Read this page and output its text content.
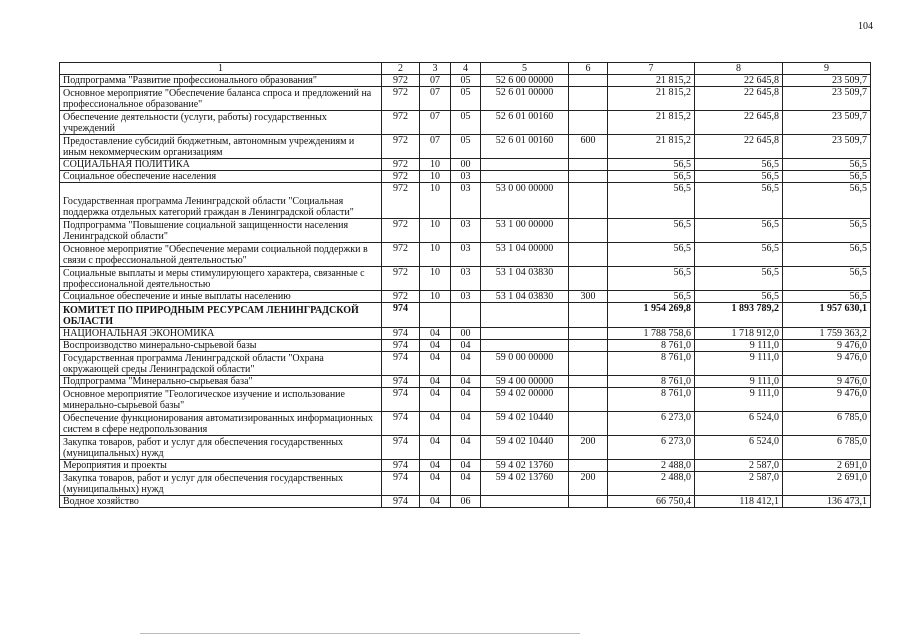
104
1	2	3	4	5	6	7	8	9
Подпрограмма "Развитие профессионального образования"	972	07	05	52 6 00 00000		21 815,2	22 645,8	23 509,7
Основное мероприятие "Обеспечение баланса спроса и предложений на профессиональное образование"	972	07	05	52 6 01 00000		21 815,2	22 645,8	23 509,7
Обеспечение деятельности (услуги, работы) государственных учреждений	972	07	05	52 6 01 00160		21 815,2	22 645,8	23 509,7
Предоставление субсидий бюджетным, автономным учреждениям и иным некоммерческим организациям	972	07	05	52 6 01 00160	600	21 815,2	22 645,8	23 509,7
СОЦИАЛЬНАЯ ПОЛИТИКА	972	10	00			56,5	56,5	56,5
Социальное обеспечение населения	972	10	03			56,5	56,5	56,5
Государственная программа Ленинградской области "Социальная поддержка отдельных категорий граждан в Ленинградской области"	972	10	03	53 0 00 00000		56,5	56,5	56,5
Подпрограмма "Повышение социальной защищенности населения Ленинградской области"	972	10	03	53 1 00 00000		56,5	56,5	56,5
Основное мероприятие "Обеспечение мерами социальной поддержки в связи с профессиональной деятельностью"	972	10	03	53 1 04 00000		56,5	56,5	56,5
Социальные выплаты и меры стимулирующего характера, связанные с профессиональной деятельностью	972	10	03	53 1 04 03830		56,5	56,5	56,5
Социальное обеспечение и иные выплаты населению	972	10	03	53 1 04 03830	300	56,5	56,5	56,5
КОМИТЕТ ПО ПРИРОДНЫМ РЕСУРСАМ ЛЕНИНГРАДСКОЙ ОБЛАСТИ	974					1 954 269,8	1 893 789,2	1 957 630,1
НАЦИОНАЛЬНАЯ ЭКОНОМИКА	974	04	00			1 788 758,6	1 718 912,0	1 759 363,2
Воспроизводство минерально-сырьевой базы	974	04	04			8 761,0	9 111,0	9 476,0
Государственная программа Ленинградской области "Охрана окружающей среды Ленинградской области"	974	04	04	59 0 00 00000		8 761,0	9 111,0	9 476,0
Подпрограмма "Минерально-сырьевая база"	974	04	04	59 4 00 00000		8 761,0	9 111,0	9 476,0
Основное мероприятие "Геологическое изучение и использование минерально-сырьевой базы"	974	04	04	59 4 02 00000		8 761,0	9 111,0	9 476,0
Обеспечение функционирования автоматизированных информационных систем в сфере недропользования	974	04	04	59 4 02 10440		6 273,0	6 524,0	6 785,0
Закупка товаров, работ и услуг для обеспечения государственных (муниципальных) нужд	974	04	04	59 4 02 10440	200	6 273,0	6 524,0	6 785,0
Мероприятия и проекты	974	04	04	59 4 02 13760		2 488,0	2 587,0	2 691,0
Закупка товаров, работ и услуг для обеспечения государственных (муниципальных) нужд	974	04	04	59 4 02 13760	200	2 488,0	2 587,0	2 691,0
Водное хозяйство	974	04	06			66 750,4	118 412,1	136 473,1
